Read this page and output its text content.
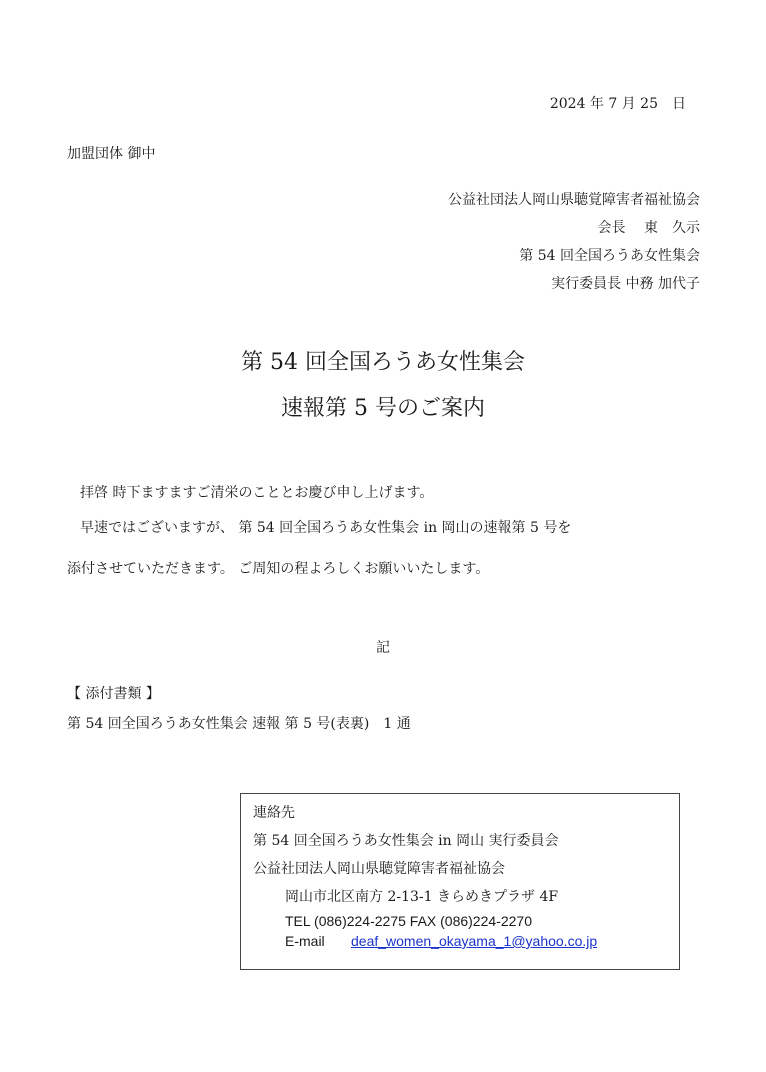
2024 年 7 月 25　日
加盟団体 御中
公益社団法人岡山県聴覚障害者福祉協会
会長　 東　久示
第 54 回全国ろうあ女性集会
実行委員長 中務 加代子
第 54 回全国ろうあ女性集会
速報第 5 号のご案内
拝啓 時下ますますご清栄のこととお慶び申し上げます。
早速ではございますが、 第 54 回全国ろうあ女性集会 in 岡山の速報第 5 号を
添付させていただきます。 ご周知の程よろしくお願いいたします。
記
【 添付書類 】
第 54 回全国ろうあ女性集会 速報 第 5 号(表裏)　1 通
連絡先
第 54 回全国ろうあ女性集会 in 岡山 実行委員会
公益社団法人岡山県聴覚障害者福祉協会
岡山市北区南方 2-13-1 きらめきプラザ 4F
TEL (086)224-2275 FAX (086)224-2270
E-mail deaf_women_okayama_1@yahoo.co.jp
